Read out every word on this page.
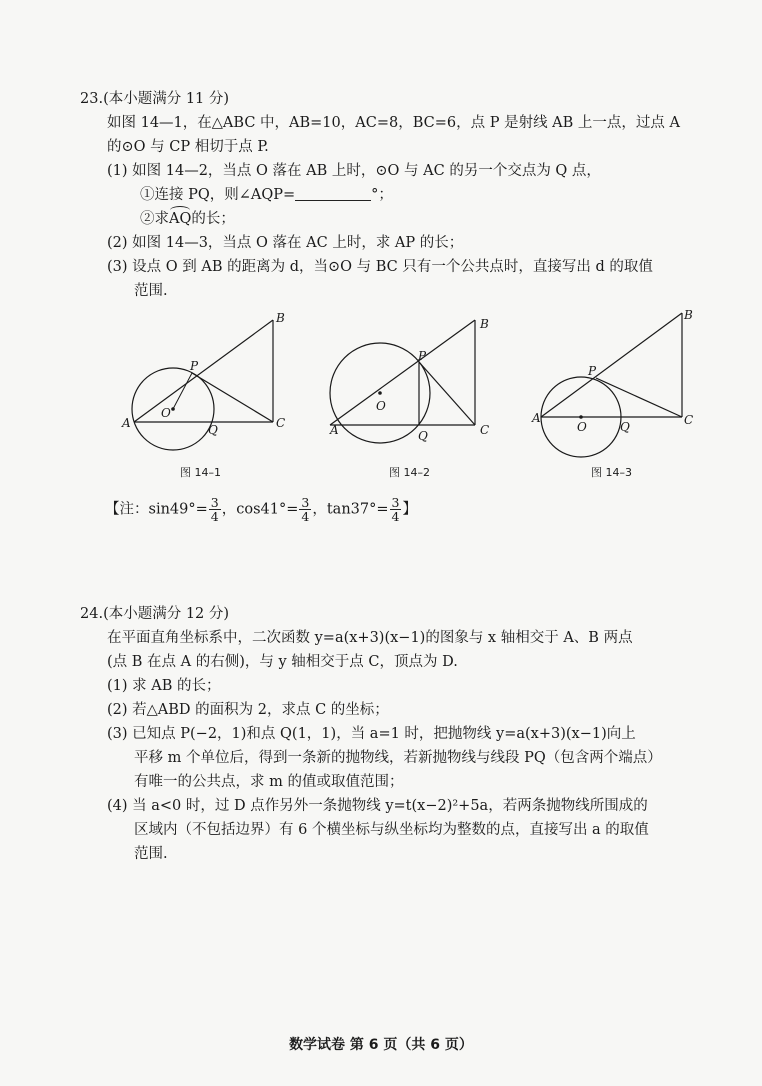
23.(本小题满分 11 分)
如图 14—1，在△ABC 中，AB=10，AC=8，BC=6，点 P 是射线 AB 上一点，过点 A
的⊙O 与 CP 相切于点 P.
(1) 如图 14—2，当点 O 落在 AB 上时，⊙O 与 AC 的另一个交点为 Q 点，
①连接 PQ，则∠AQP=	°；
②求AQ的长；
(2) 如图 14—3，当点 O 落在 AC 上时，求 AP 的长；
(3) 设点 O 到 AB 的距离为 d，当⊙O 与 BC 只有一个公共点时，直接写出 d 的取值
范围.
B
A	C
P
O
Q
图 14–1
B
A	C
P
O
Q
图 14–2
B
A	C
P
O	Q
图 14–3
【注：$\sin 49^\circ= \frac{3}{4}$ ，$\cos 41^\circ= \frac{3}{4}$ ，$\tan 37^\circ= \frac{3}{4}$ 】
24.(本小题满分 12 分)
在平面直角坐标系中，二次函数 y=a(x+3)(x−1)的图象与 x 轴相交于 A、B 两点
(点 B 在点 A 的右侧)，与 y 轴相交于点 C，顶点为 D.
(1) 求 AB 的长；
(2) 若△ABD 的面积为 2，求点 C 的坐标；
(3) 已知点 P(−2，1)和点 Q(1，1)，当 a=1 时，把抛物线 y=a(x+3)(x−1)向上
平移 m 个单位后，得到一条新的抛物线，若新抛物线与线段 PQ（包含两个端点）
有唯一的公共点，求 m 的值或取值范围；
(4) 当 a<0 时，过 D 点作另外一条抛物线 y=t(x−2)²+5a，若两条抛物线所围成的
区域内（不包括边界）有 6 个横坐标与纵坐标均为整数的点，直接写出 a 的取值
范围.
数学试卷 第 6 页（共 6 页）
